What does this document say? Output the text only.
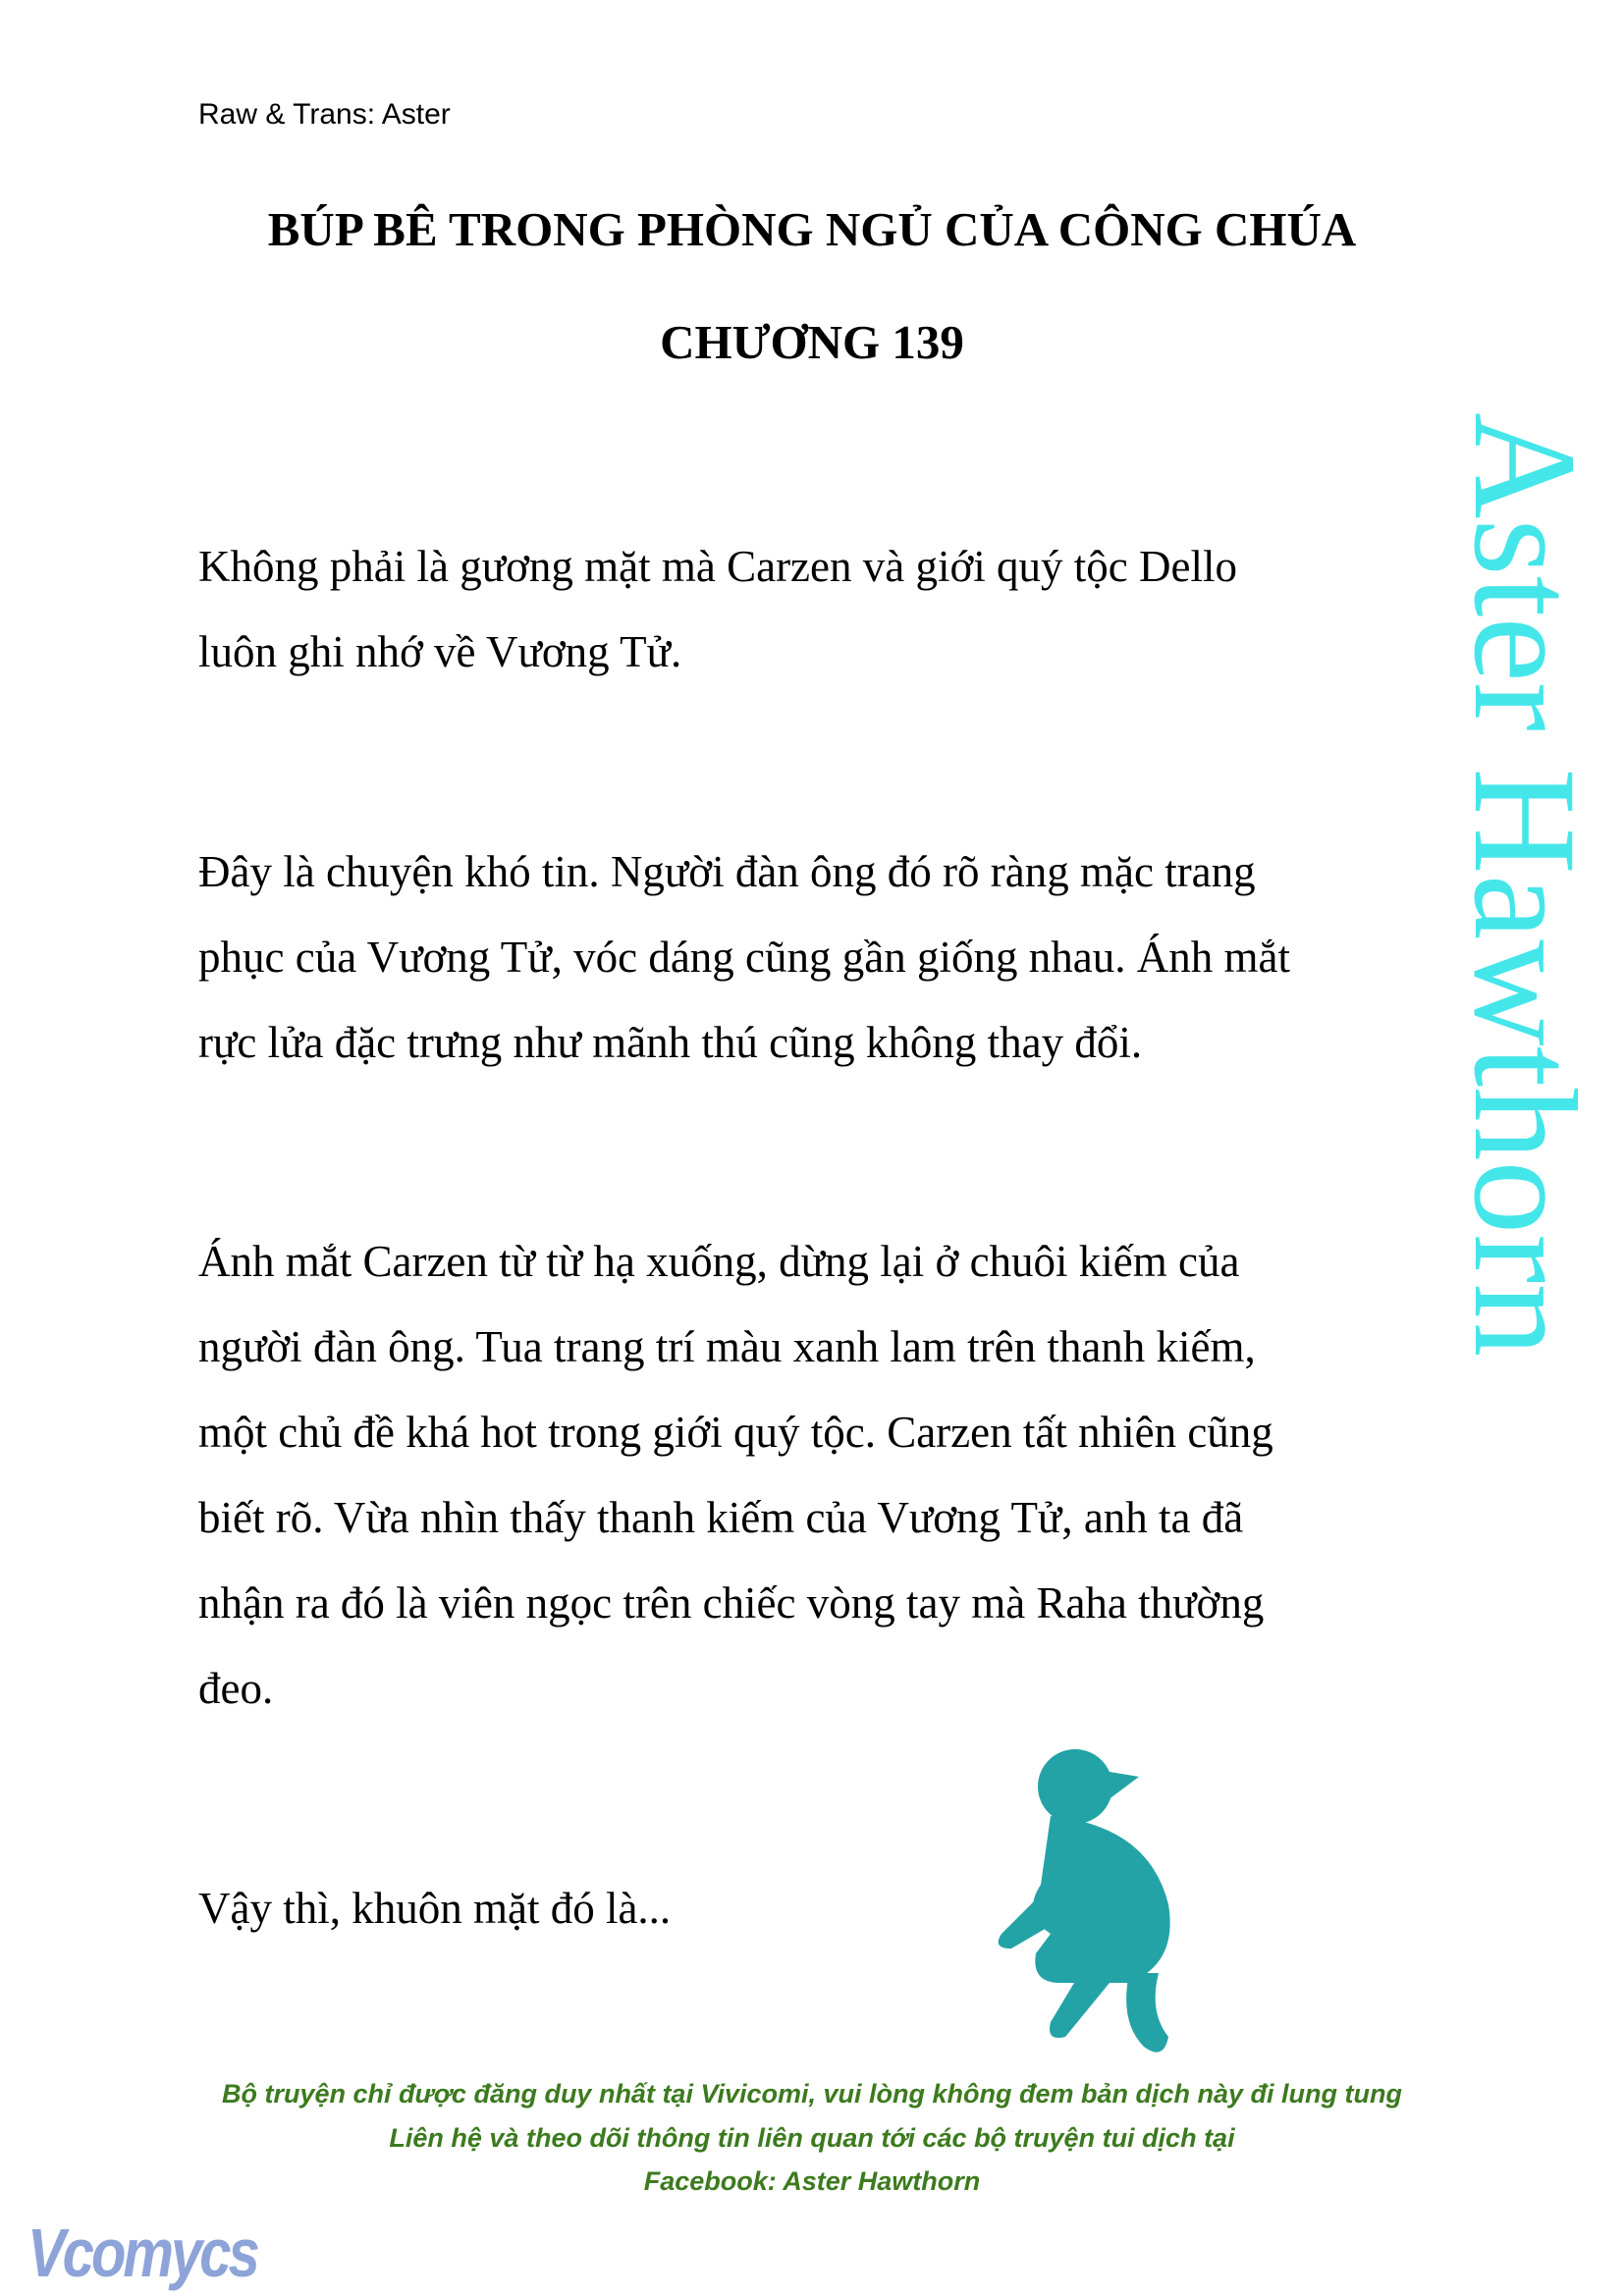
Raw & Trans: Aster
BÚP BÊ TRONG PHÒNG NGỦ CỦA CÔNG CHÚA
CHƯƠNG 139
Không phải là gương mặt mà Carzen và giới quý tộc Dello
luôn ghi nhớ về Vương Tử.
Đây là chuyện khó tin. Người đàn ông đó rõ ràng mặc trang
phục của Vương Tử, vóc dáng cũng gần giống nhau. Ánh mắt
rực lửa đặc trưng như mãnh thú cũng không thay đổi.
Ánh mắt Carzen từ từ hạ xuống, dừng lại ở chuôi kiếm của
người đàn ông. Tua trang trí màu xanh lam trên thanh kiếm,
một chủ đề khá hot trong giới quý tộc. Carzen tất nhiên cũng
biết rõ. Vừa nhìn thấy thanh kiếm của Vương Tử, anh ta đã
nhận ra đó là viên ngọc trên chiếc vòng tay mà Raha thường
đeo.
Vậy thì, khuôn mặt đó là...
Aster Hawthorn
Bộ truyện chỉ được đăng duy nhất tại Vivicomi, vui lòng không đem bản dịch này đi lung tung
Liên hệ và theo dõi thông tin liên quan tới các bộ truyện tui dịch tại
Facebook: Aster Hawthorn
Vcomycs
